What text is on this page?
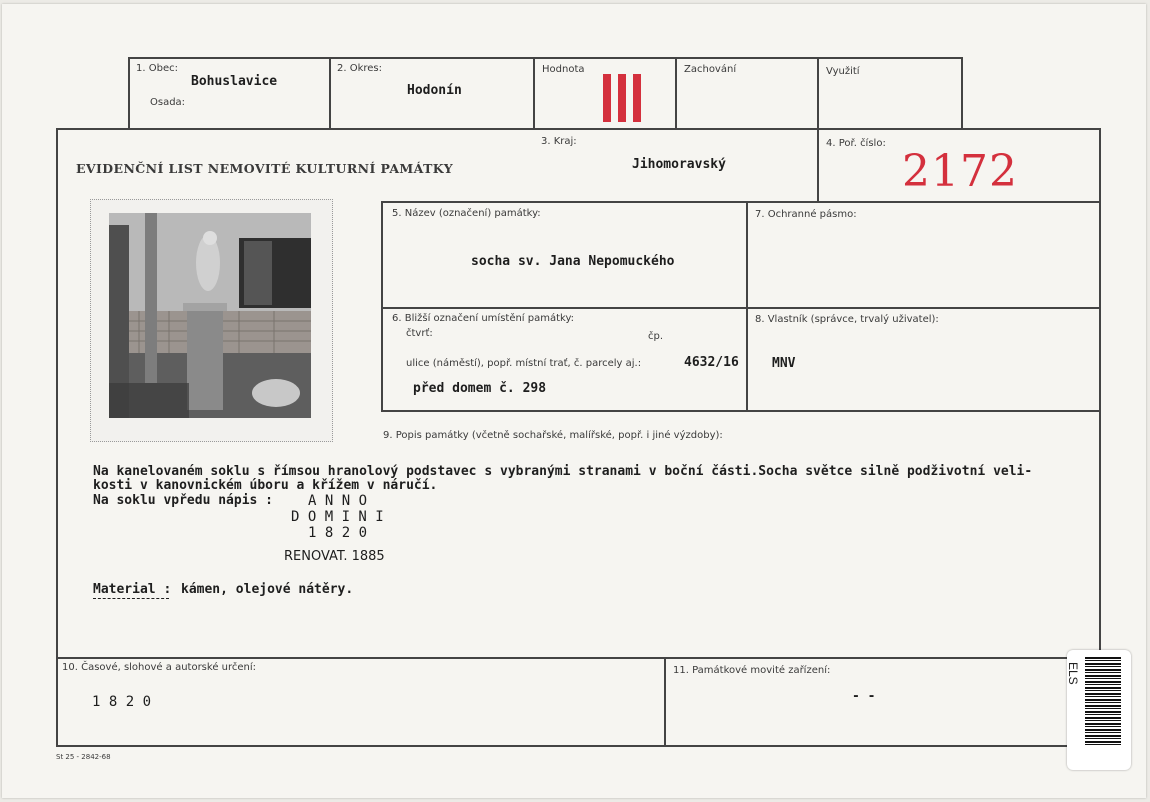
1. Obec:
Bohuslavice
Osada:
2. Okres:
Hodonín
Hodnota	Zachování	Využití
EVIDENČNÍ LIST NEMOVITÉ KULTURNÍ PAMÁTKY
3. Kraj:
Jihomoravský
4. Poř. číslo:
2172
5. Název (označení) památky:
socha sv. Jana Nepomuckého
7. Ochranné pásmo:
6. Bližší označení umístění památky:
čtvrť:	čp.
ulice (náměstí), popř. místní trať, č. parcely aj.:	4632/16
před domem č. 298
8. Vlastník (správce, trvalý uživatel):
MNV
9. Popis památky (včetně sochařské, malířské, popř. i jiné výzdoby):
Na kanelovaném soklu s římsou hranolový podstavec s vybranými stranami v boční části.Socha světce silně podživotní veli-
kosti v kanovnickém úboru a křížem v náručí.
Na soklu vpředu nápis : A N N O
D O M I N I
1 8 2 0
RENOVAT. 1885
Material : kámen, olejové nátěry.
10. Časové, slohové a autorské určení:
1 8 2 0
11. Památkové movité zařízení:
- -
St 25 - 2842-68
ELS
